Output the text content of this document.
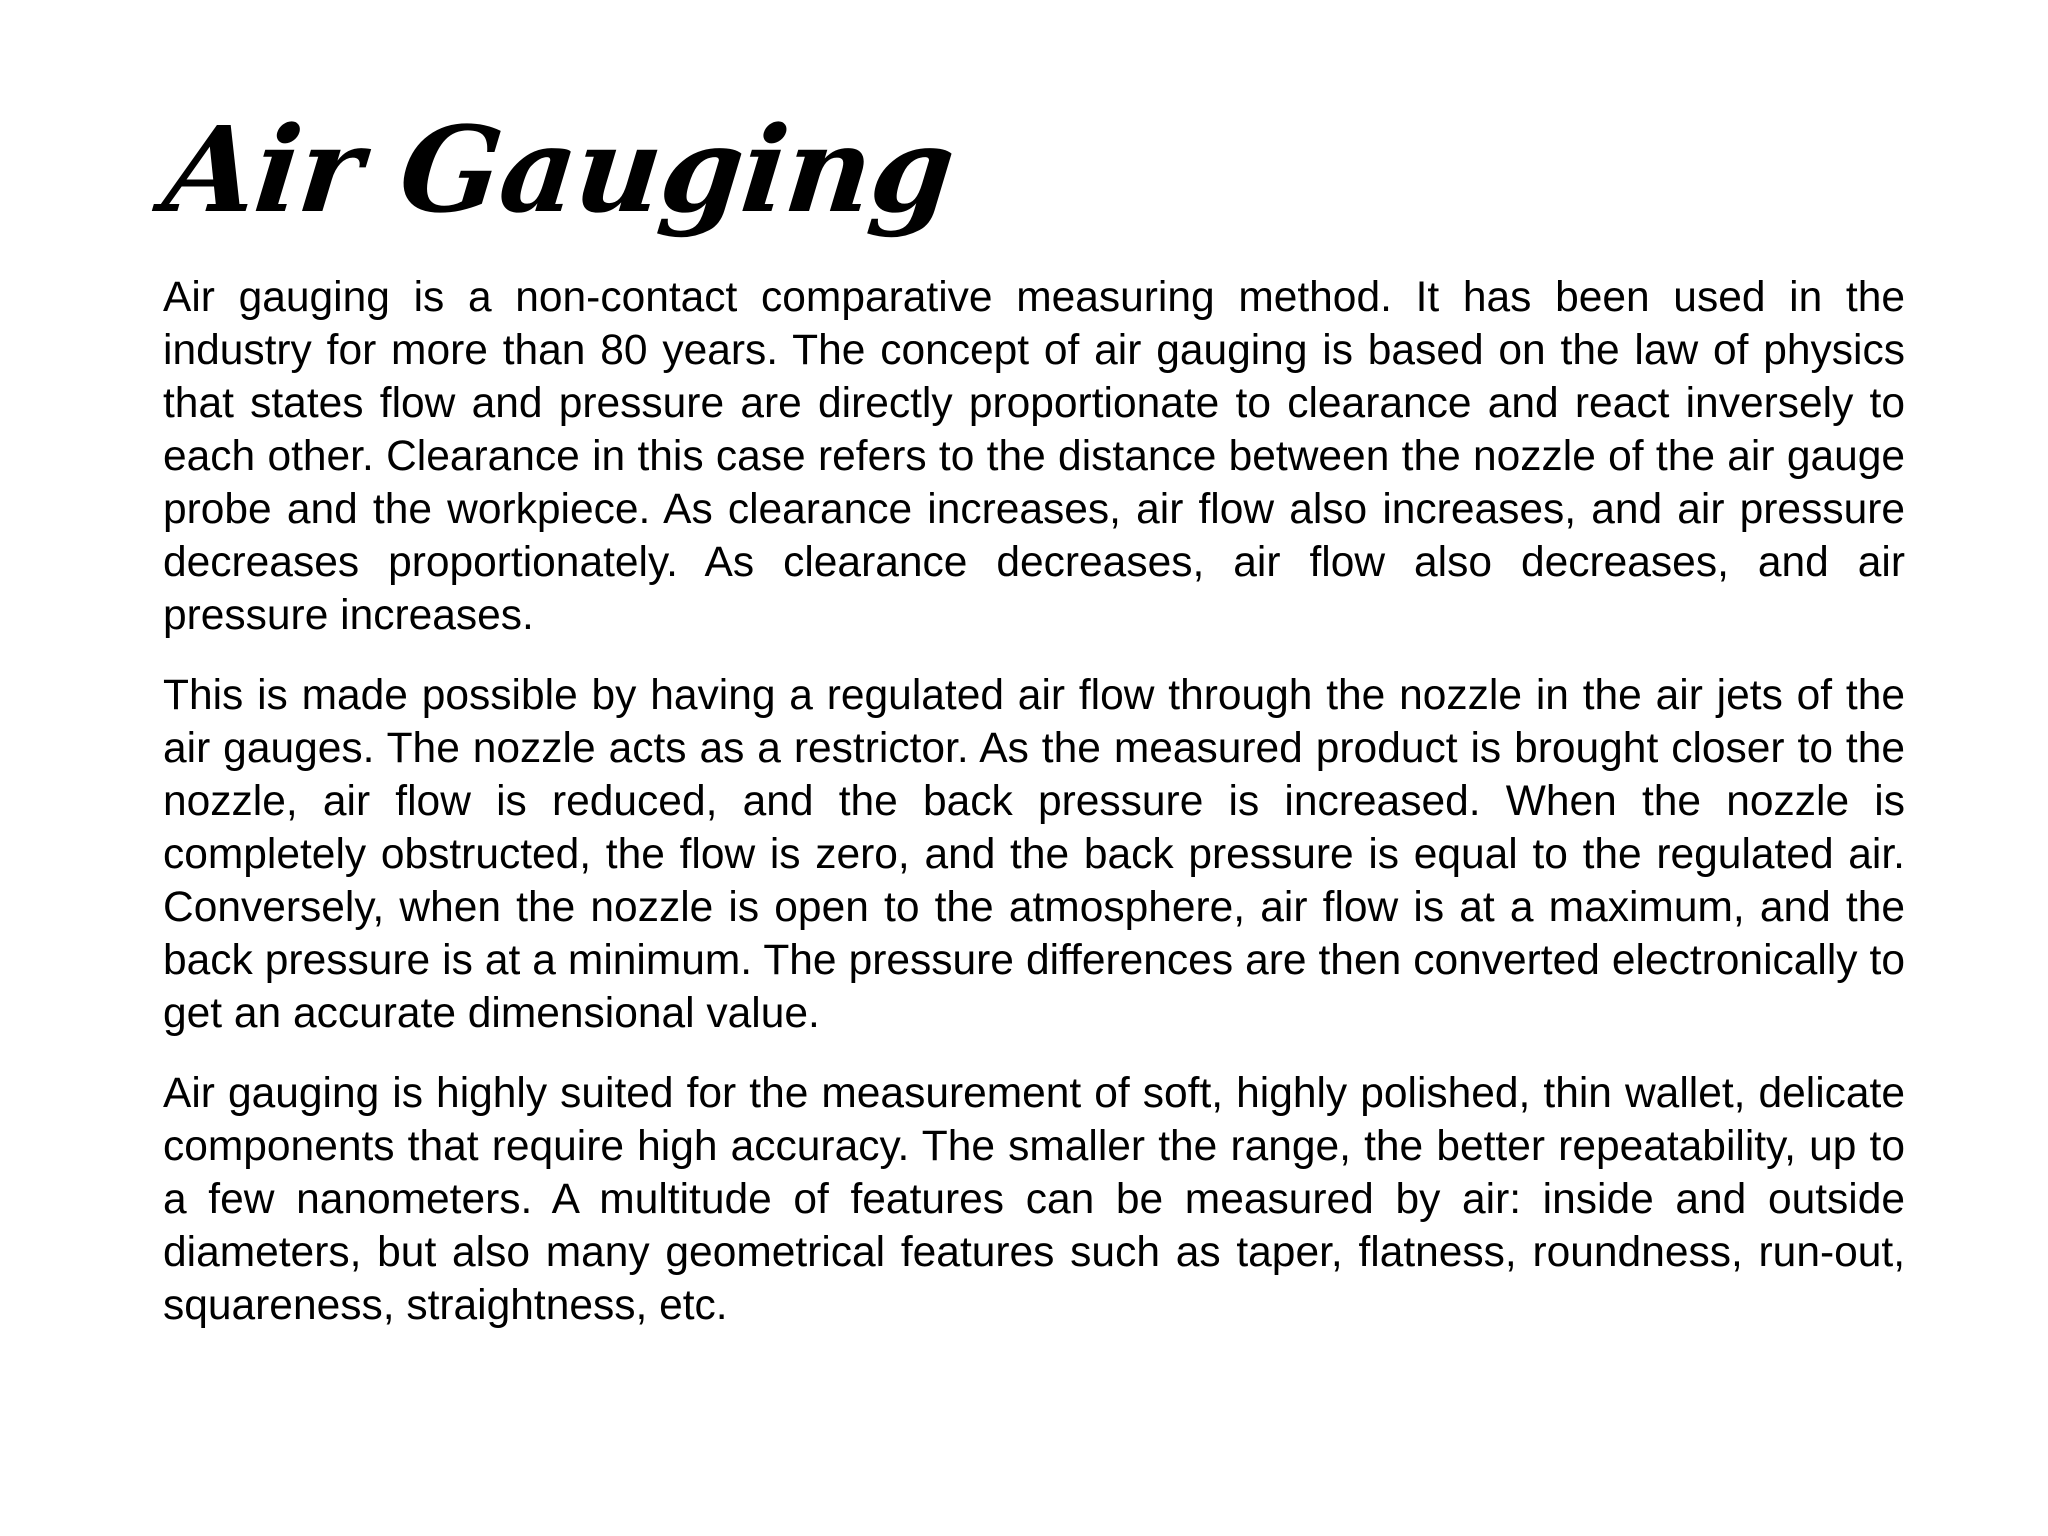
Air Gauging

Air gauging is a non-contact comparative measuring method. It has been used in the industry for more than 80 years. The concept of air gauging is based on the law of physics that states flow and pressure are directly proportionate to clearance and react inversely to each other. Clearance in this case refers to the distance between the nozzle of the air gauge probe and the workpiece. As clearance increases, air flow also increases, and air pressure decreases proportionately. As clearance decreases, air flow also decreases, and air pressure increases.

This is made possible by having a regulated air flow through the nozzle in the air jets of the air gauges. The nozzle acts as a restrictor. As the measured product is brought closer to the nozzle, air flow is reduced, and the back pressure is increased. When the nozzle is completely obstructed, the flow is zero, and the back pressure is equal to the regulated air. Conversely, when the nozzle is open to the atmosphere, air flow is at a maximum, and the back pressure is at a minimum. The pressure differences are then converted electronically to get an accurate dimensional value.

Air gauging is highly suited for the measurement of soft, highly polished, thin wallet, delicate components that require high accuracy. The smaller the range, the better repeatability, up to a few nanometers. A multitude of features can be measured by air: inside and outside diameters, but also many geometrical features such as taper, flatness, roundness, run-out, squareness, straightness, etc.
